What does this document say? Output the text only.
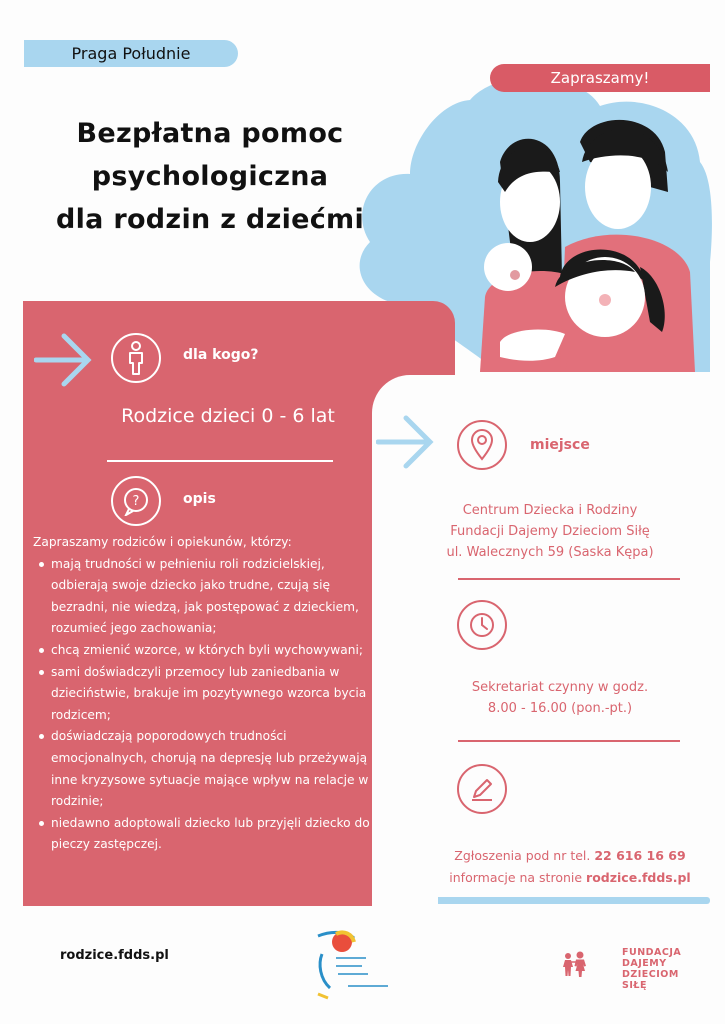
Praga Południe
Zapraszamy!
Bezpłatna pomoc
psychologiczna
dla rodzin z dziećmi
dla kogo?
Rodzice dzieci 0 - 6 lat
?	opis
Zapraszamy rodziców i opiekunów, którzy:
mają trudności w pełnieniu roli rodzicielskiej, odbierają swoje dziecko jako trudne, czują się bezradni, nie wiedzą, jak postępować z dzieckiem, rozumieć jego zachowania;
chcą zmienić wzorce, w których byli wychowywani;
sami doświadczyli przemocy lub zaniedbania w dzieciństwie, brakuje im pozytywnego wzorca bycia rodzicem;
doświadczają poporodowych trudności emocjonalnych, chorują na depresję lub przeżywają inne kryzysowe sytuacje mające wpływ na relacje w rodzinie;
niedawno adoptowali dziecko lub przyjęli dziecko do pieczy zastępczej.
miejsce
Centrum Dziecka i Rodziny
Fundacji Dajemy Dzieciom Siłę
ul. Walecznych 59 (Saska Kępa)
Sekretariat czynny w godz.
8.00 - 16.00 (pon.-pt.)
Zgłoszenia pod nr tel. 22 616 16 69
informacje na stronie rodzice.fdds.pl
rodzice.fdds.pl	FUNDACJA
DAJEMY
DZIECIOM
SIŁĘ
